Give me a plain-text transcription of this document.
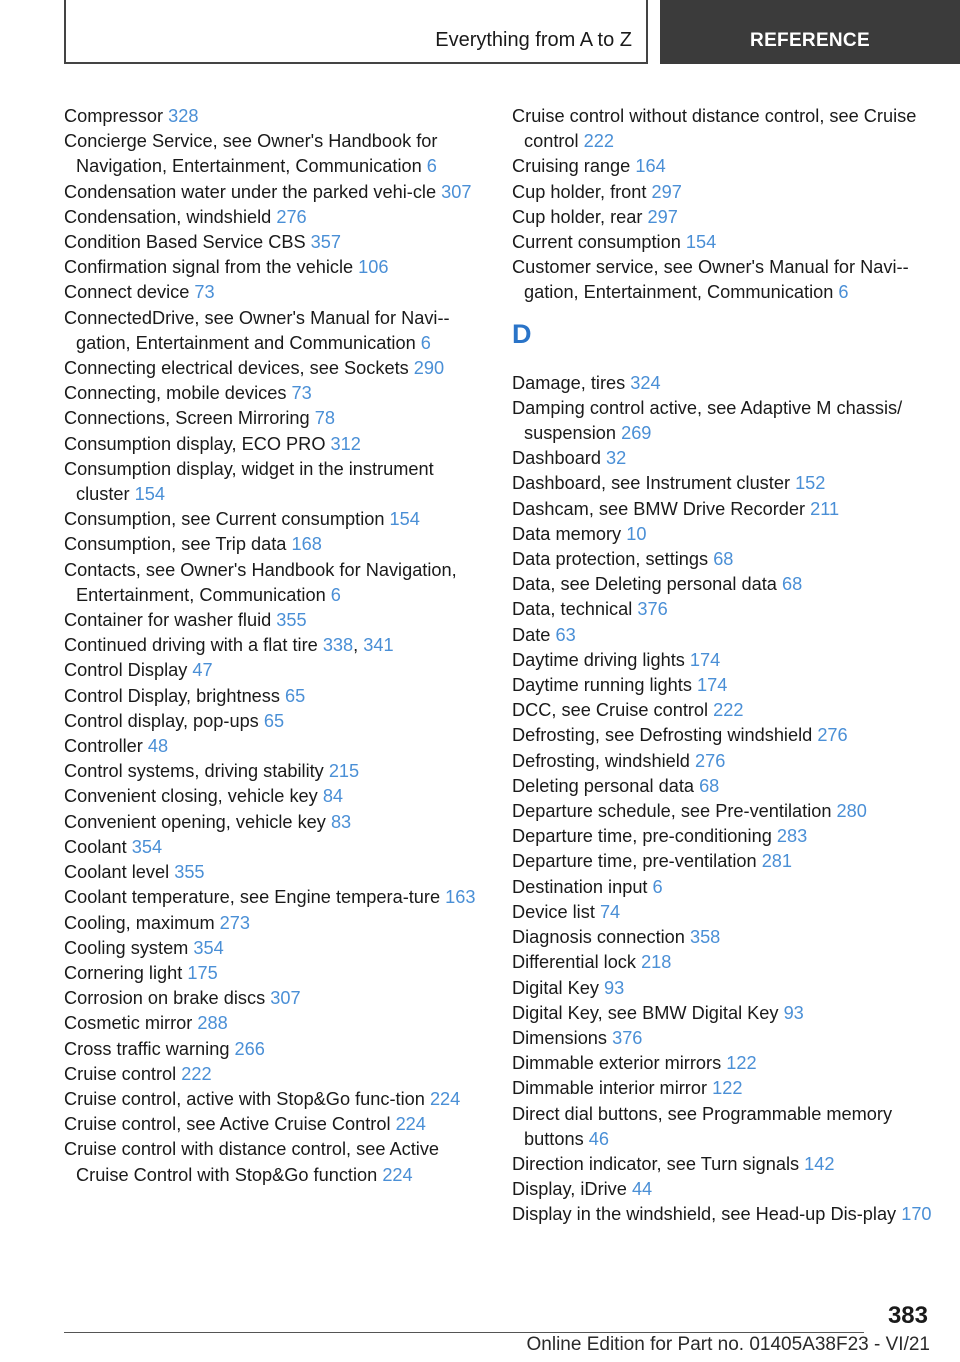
Everything from A to Z	REFERENCE
Compressor 328
Concierge Service, see Owner's Handbook for Navigation, Entertainment, Communication 6
Condensation water under the parked vehi-cle 307
Condensation, windshield 276
Condition Based Service CBS 357
Confirmation signal from the vehicle 106
Connect device 73
ConnectedDrive, see Owner's Manual for Navi-gation, Entertainment and Communication 6
Connecting electrical devices, see Sockets 290
Connecting, mobile devices 73
Connections, Screen Mirroring 78
Consumption display, ECO PRO 312
Consumption display, widget in the instrument cluster 154
Consumption, see Current consumption 154
Consumption, see Trip data 168
Contacts, see Owner's Handbook for Navigation, Entertainment, Communication 6
Container for washer fluid 355
Continued driving with a flat tire 338, 341
Control Display 47
Control Display, brightness 65
Control display, pop-ups 65
Controller 48
Control systems, driving stability 215
Convenient closing, vehicle key 84
Convenient opening, vehicle key 83
Coolant 354
Coolant level 355
Coolant temperature, see Engine tempera-ture 163
Cooling, maximum 273
Cooling system 354
Cornering light 175
Corrosion on brake discs 307
Cosmetic mirror 288
Cross traffic warning 266
Cruise control 222
Cruise control, active with Stop&Go func-tion 224
Cruise control, see Active Cruise Control 224
Cruise control with distance control, see Active Cruise Control with Stop&Go function 224
Cruise control without distance control, see Cruise control 222
Cruising range 164
Cup holder, front 297
Cup holder, rear 297
Current consumption 154
Customer service, see Owner's Manual for Navi-gation, Entertainment, Communication 6
D
Damage, tires 324
Damping control active, see Adaptive M chassis/​suspension 269
Dashboard 32
Dashboard, see Instrument cluster 152
Dashcam, see BMW Drive Recorder 211
Data memory 10
Data protection, settings 68
Data, see Deleting personal data 68
Data, technical 376
Date 63
Daytime driving lights 174
Daytime running lights 174
DCC, see Cruise control 222
Defrosting, see Defrosting windshield 276
Defrosting, windshield 276
Deleting personal data 68
Departure schedule, see Pre-ventilation 280
Departure time, pre-conditioning 283
Departure time, pre-ventilation 281
Destination input 6
Device list 74
Diagnosis connection 358
Differential lock 218
Digital Key 93
Digital Key, see BMW Digital Key 93
Dimensions 376
Dimmable exterior mirrors 122
Dimmable interior mirror 122
Direct dial buttons, see Programmable memory buttons 46
Direction indicator, see Turn signals 142
Display, iDrive 44
Display in the windshield, see Head-up Dis-play 170
383
Online Edition for Part no. 01405A38F23 - VI/21
